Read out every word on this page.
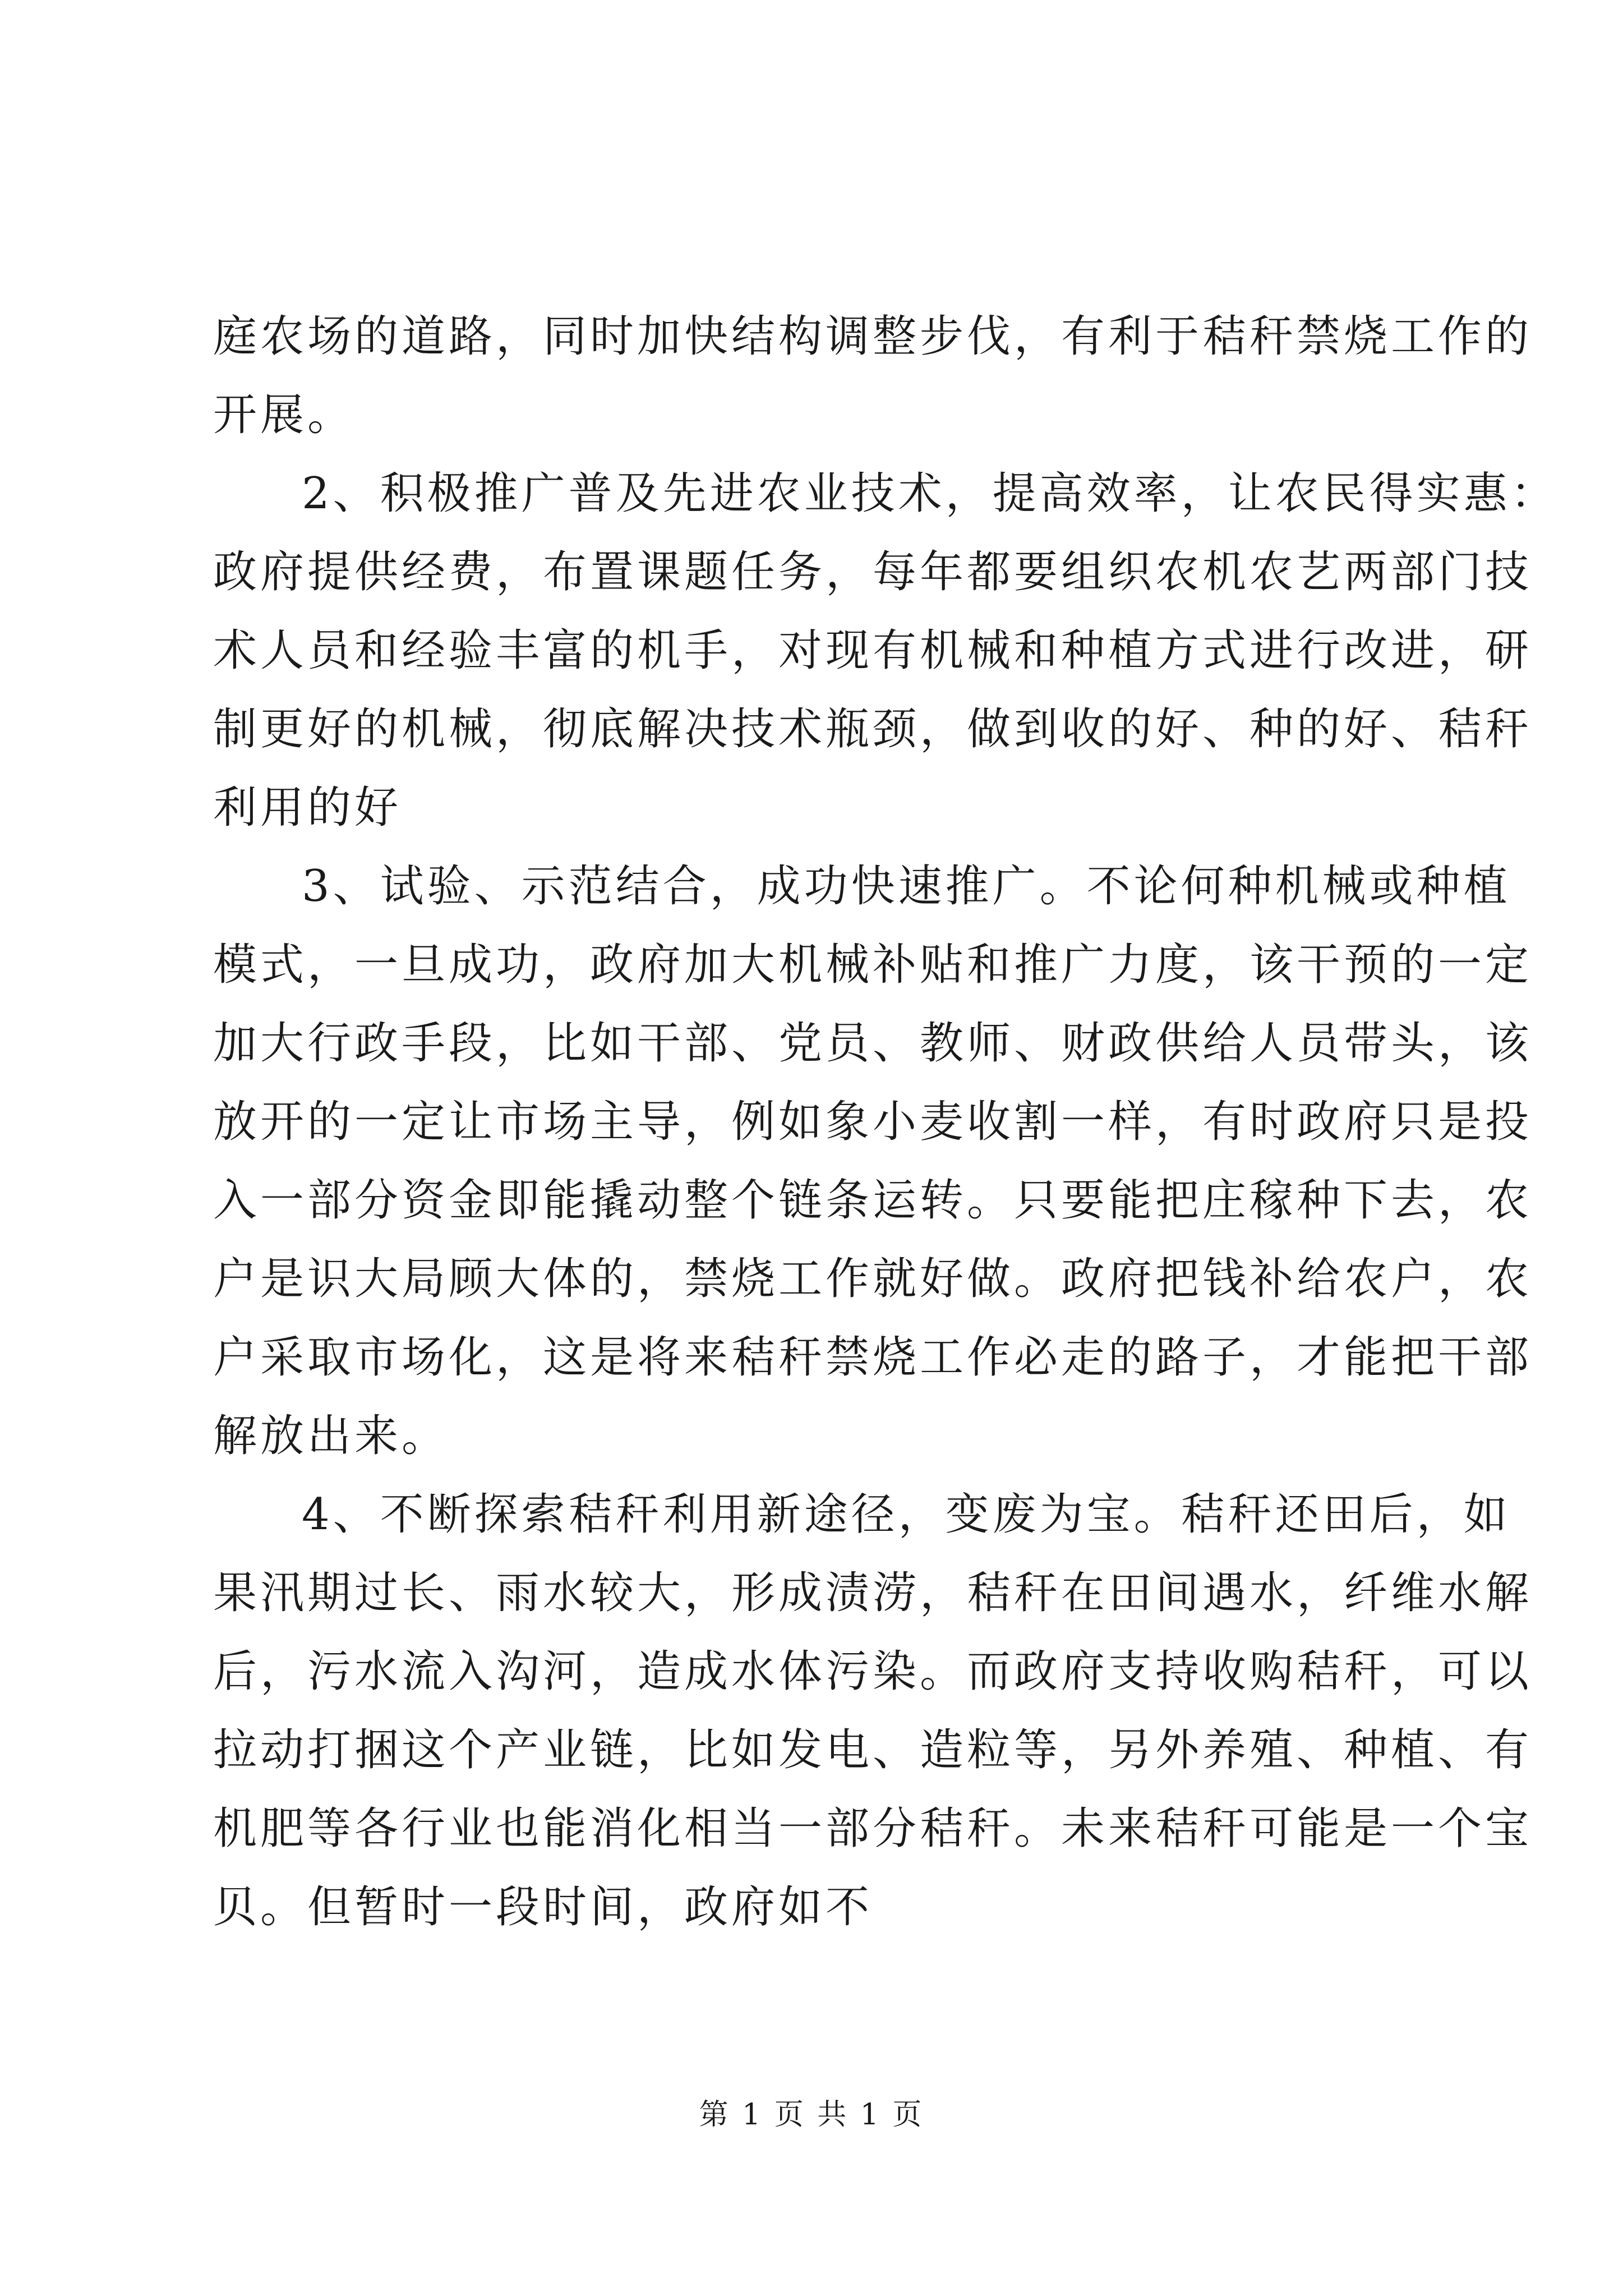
庭农场的道路，同时加快结构调整步伐，有利于秸秆禁烧工作的
开展。
2、积极推广普及先进农业技术，提高效率，让农民得实惠：
政府提供经费，布置课题任务，每年都要组织农机农艺两部门技
术人员和经验丰富的机手，对现有机械和种植方式进行改进，研
制更好的机械，彻底解决技术瓶颈，做到收的好、种的好、秸秆
利用的好
3、试验、示范结合，成功快速推广。不论何种机械或种植
模式，一旦成功，政府加大机械补贴和推广力度，该干预的一定
加大行政手段，比如干部、党员、教师、财政供给人员带头，该
放开的一定让市场主导，例如象小麦收割一样，有时政府只是投
入一部分资金即能撬动整个链条运转。只要能把庄稼种下去，农
户是识大局顾大体的，禁烧工作就好做。政府把钱补给农户，农
户采取市场化，这是将来秸秆禁烧工作必走的路子，才能把干部
解放出来。
4、不断探索秸秆利用新途径，变废为宝。秸秆还田后，如
果汛期过长、雨水较大，形成渍涝，秸秆在田间遇水，纤维水解
后，污水流入沟河，造成水体污染。而政府支持收购秸秆，可以
拉动打捆这个产业链，比如发电、造粒等，另外养殖、种植、有
机肥等各行业也能消化相当一部分秸秆。未来秸秆可能是一个宝
贝。但暂时一段时间，政府如不
第 1 页 共 1 页
